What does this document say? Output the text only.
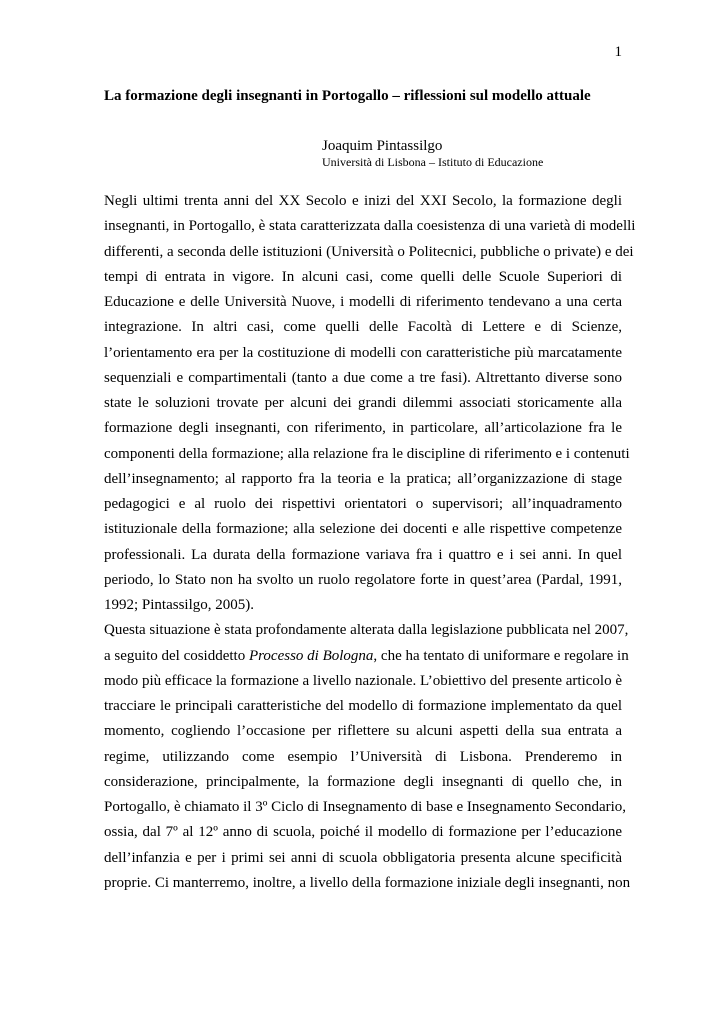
1
La formazione degli insegnanti in Portogallo – riflessioni sul modello attuale
Joaquim Pintassilgo
Università di Lisbona – Istituto di Educazione
Negli ultimi trenta anni del XX Secolo e inizi del XXI Secolo, la formazione degli
insegnanti, in Portogallo, è stata caratterizzata dalla coesistenza di una varietà di modelli
differenti, a seconda delle istituzioni (Università o Politecnici, pubbliche o private) e dei
tempi di entrata in vigore. In alcuni casi, come quelli delle Scuole Superiori di
Educazione e delle Università Nuove, i modelli di riferimento tendevano a una certa
integrazione. In altri casi, come quelli delle Facoltà di Lettere e di Scienze,
l’orientamento era per la costituzione di modelli con caratteristiche più marcatamente
sequenziali e compartimentali (tanto a due come a tre fasi). Altrettanto diverse sono
state le soluzioni trovate per alcuni dei grandi dilemmi associati storicamente alla
formazione degli insegnanti, con riferimento, in particolare, all’articolazione fra le
componenti della formazione; alla relazione fra le discipline di riferimento e i contenuti
dell’insegnamento; al rapporto fra la teoria e la pratica; all’organizzazione di stage
pedagogici e al ruolo dei rispettivi orientatori o supervisori; all’inquadramento
istituzionale della formazione; alla selezione dei docenti e alle rispettive competenze
professionali. La durata della formazione variava fra i quattro e i sei anni. In quel
periodo, lo Stato non ha svolto un ruolo regolatore forte in quest’area (Pardal, 1991,
1992; Pintassilgo, 2005).
Questa situazione è stata profondamente alterata dalla legislazione pubblicata nel 2007,
a seguito del cosiddetto Processo di Bologna, che ha tentato di uniformare e regolare in
modo più efficace la formazione a livello nazionale. L’obiettivo del presente articolo è
tracciare le principali caratteristiche del modello di formazione implementato da quel
momento, cogliendo l’occasione per riflettere su alcuni aspetti della sua entrata a
regime, utilizzando come esempio l’Università di Lisbona. Prenderemo in
considerazione, principalmente, la formazione degli insegnanti di quello che, in
Portogallo, è chiamato il 3º Ciclo di Insegnamento di base e Insegnamento Secondario,
ossia, dal 7º al 12º anno di scuola, poiché il modello di formazione per l’educazione
dell’infanzia e per i primi sei anni di scuola obbligatoria presenta alcune specificità
proprie. Ci manterremo, inoltre, a livello della formazione iniziale degli insegnanti, non
